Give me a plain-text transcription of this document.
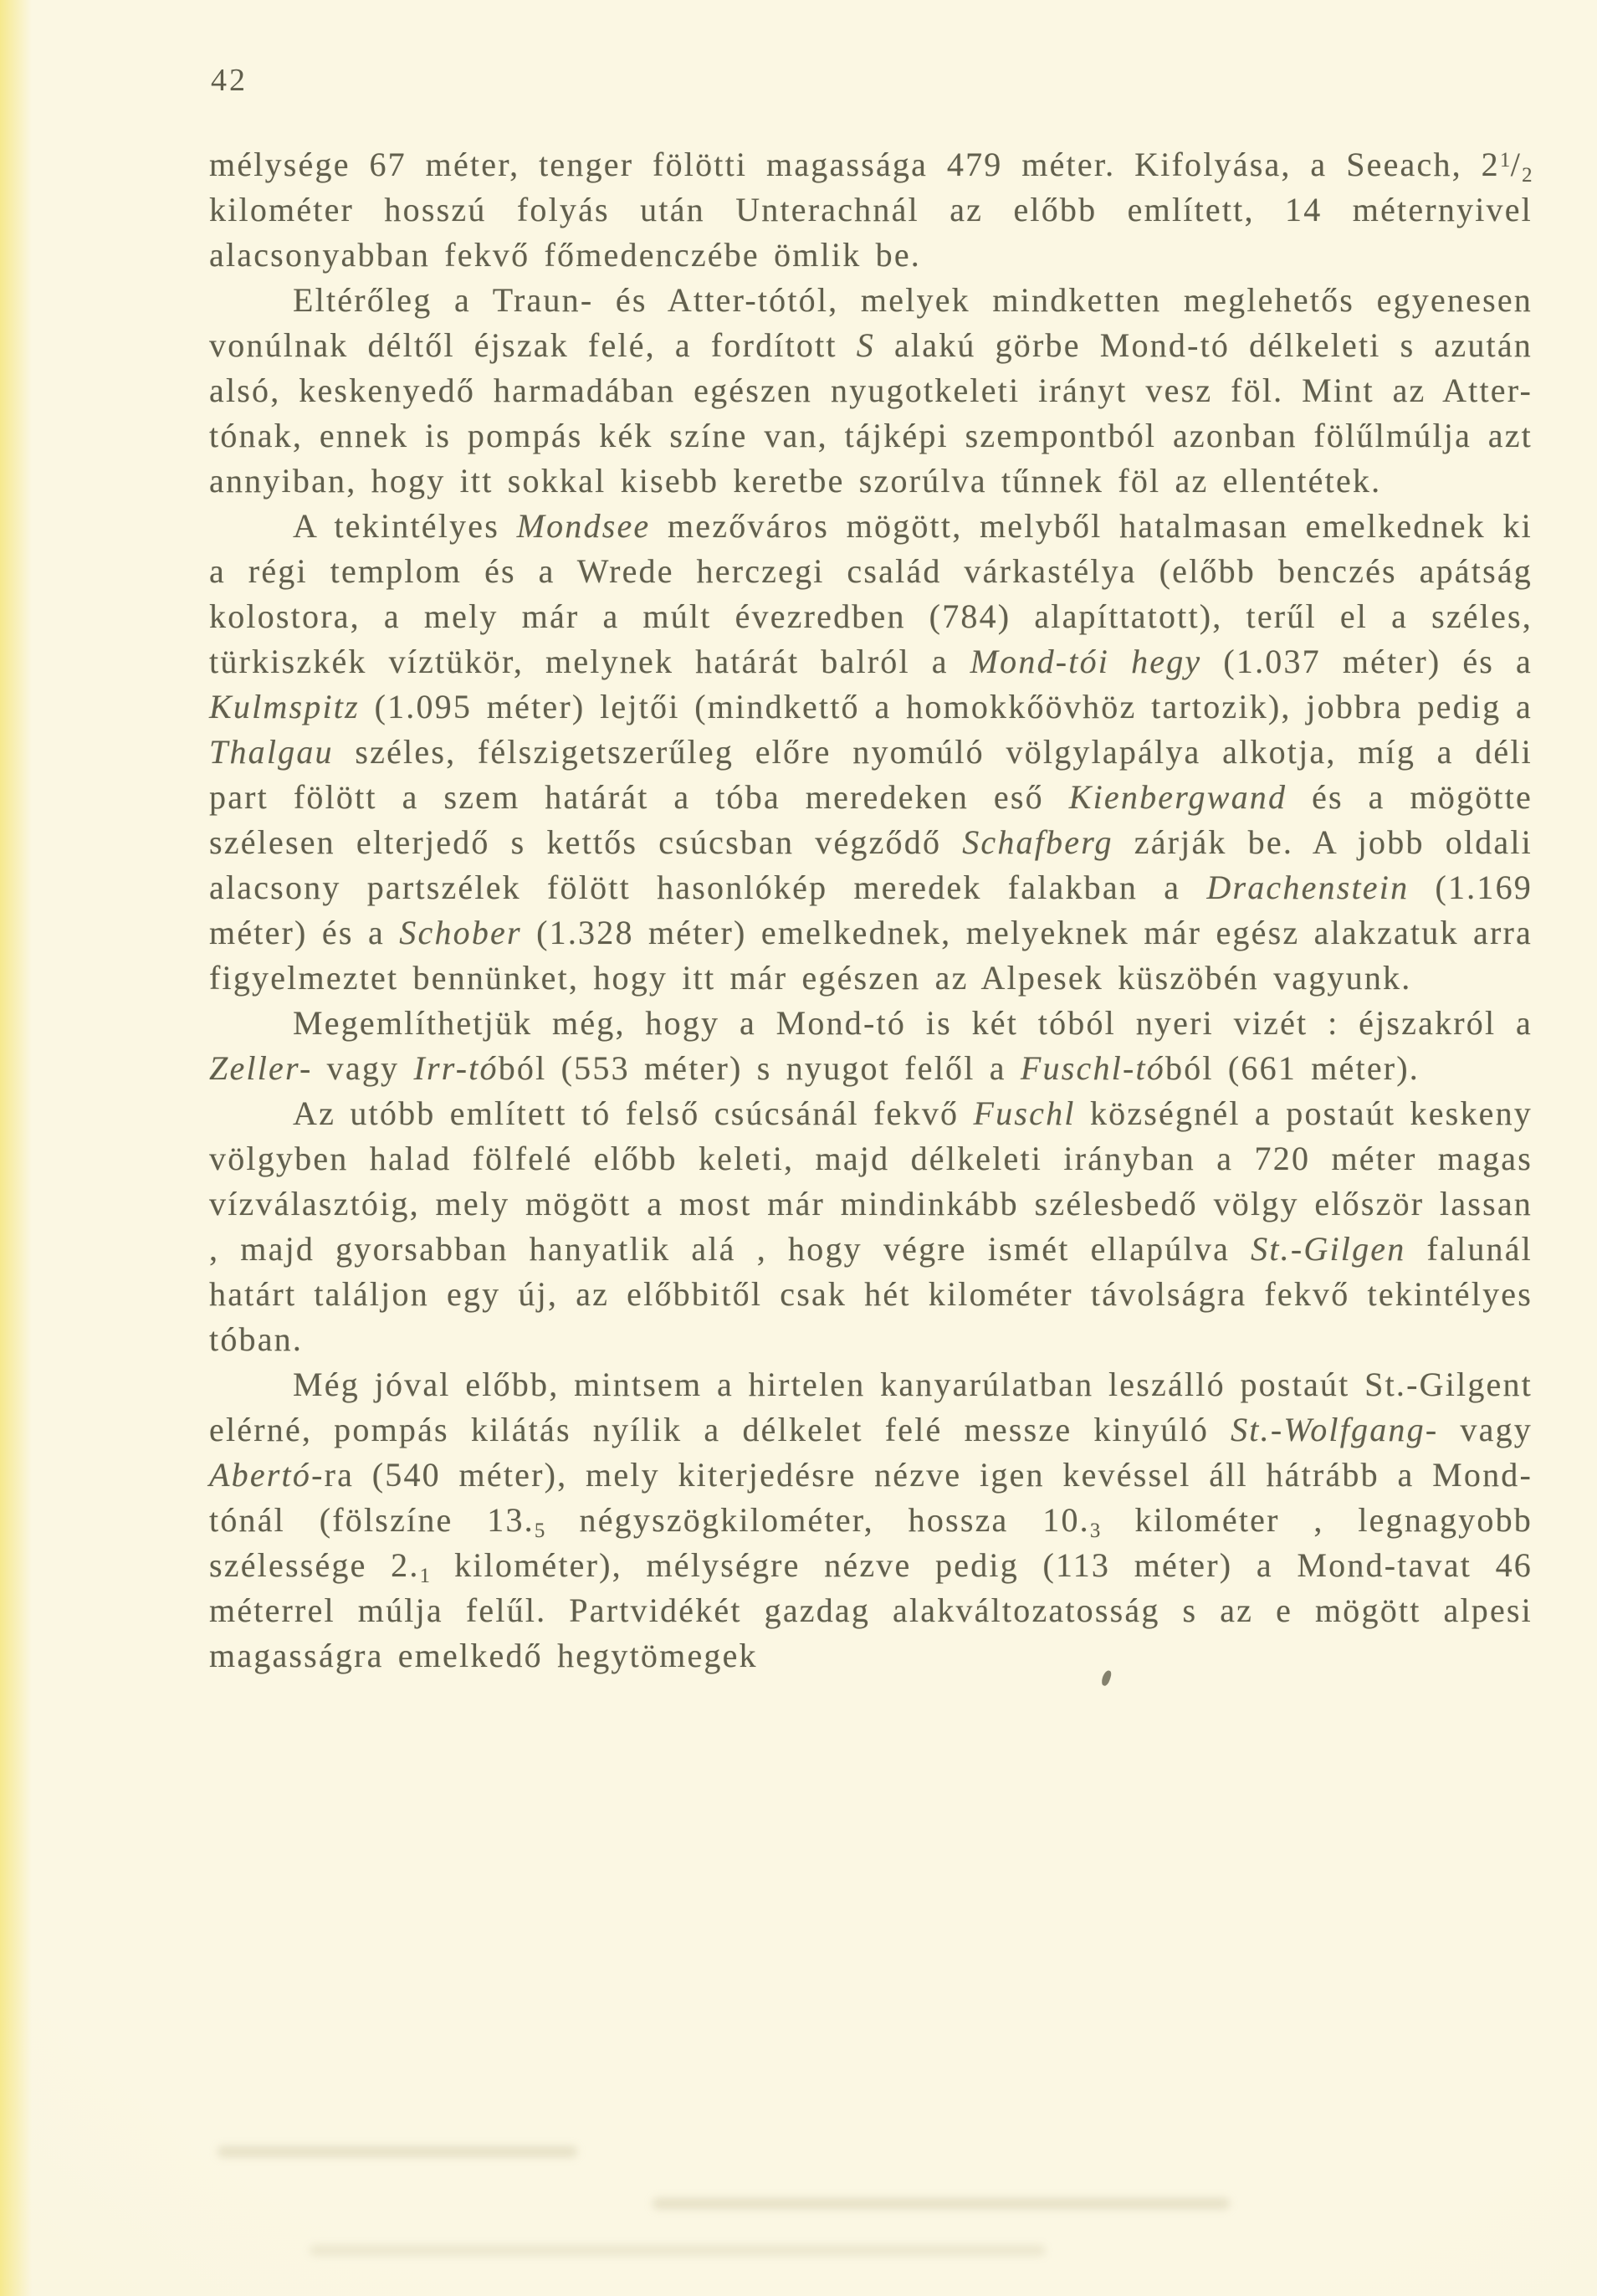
42

mélysége 67 méter, tenger fölötti magassága 479 méter. Kifolyása, a Seeach, $2^1/_2$ kilométer hosszú folyás után Unterachnál az előbb említett, 14 méternyivel alacsonyabban fekvő főmedenczébe ömlik be.

Eltérőleg a Traun- és Atter-tótól, melyek mindketten meglehetős egyenesen vonúlnak déltől éjszak felé, a fordított S alakú görbe Mond-tó délkeleti s azután alsó, keskenyedő harmadában egészen nyugotkeleti irányt vesz föl. Mint az Atter-tónak, ennek is pompás kék színe van, tájképi szempontból azonban fölűlmúlja azt annyiban, hogy itt sokkal kisebb keretbe szorúlva tűnnek föl az ellentétek.

A tekintélyes Mondsee mezőváros mögött, melyből hatalmasan emelkednek ki a régi templom és a Wrede herczegi család várkastélya (előbb benczés apátság kolostora, a mely már a múlt évezredben (784) alapíttatott), terűl el a széles, türkiszkék víztükör, melynek határát balról a Mond-tói hegy (1.037 méter) és a Kulmspitz (1.095 méter) lejtői (mindkettő a homokkőövhöz tartozik), jobbra pedig a Thalgau széles, félszigetszerűleg előre nyomúló völgylapálya alkotja, míg a déli part fölött a szem határát a tóba meredeken eső Kienbergwand és a mögötte szélesen elterjedő s kettős csúcsban végződő Schafberg zárják be. A jobb oldali alacsony partszélek fölött hasonlókép meredek falakban a Drachenstein (1.169 méter) és a Schober (1.328 méter) emelkednek, melyeknek már egész alakzatuk arra figyelmeztet bennünket, hogy itt már egészen az Alpesek küszöbén vagyunk.

Megemlíthetjük még, hogy a Mond-tó is két tóból nyeri vizét : éjszakról a Zeller- vagy Irr-tóból (553 méter) s nyugot felől a Fuschl-tóból (661 méter).

Az utóbb említett tó felső csúcsánál fekvő Fuschl községnél a postaút keskeny völgyben halad fölfelé előbb keleti, majd délkeleti irányban a 720 méter magas vízválasztóig, mely mögött a most már mindinkább szélesbedő völgy először lassan , majd gyorsabban hanyatlik alá , hogy végre ismét ellapúlva St.-Gilgen falunál határt találjon egy új, az előbbitől csak hét kilométer távolságra fekvő tekintélyes tóban.

Még jóval előbb, mintsem a hirtelen kanyarúlatban leszálló postaút St.-Gilgent elérné, pompás kilátás nyílik a délkelet felé messze kinyúló St.-Wolfgang- vagy Abertó-ra (540 méter), mely kiterjedésre nézve igen kevéssel áll hátrább a Mond-tónál (fölszíne $13._5$ négyszögkilométer, hossza $10._3$ kilométer , legnagyobb szélessége $2._1$ kilométer), mélységre nézve pedig (113 méter) a Mond-tavat 46 méterrel múlja felűl. Partvidékét gazdag alakváltozatosság s az e mögött alpesi magasságra emelkedő hegytömegek
